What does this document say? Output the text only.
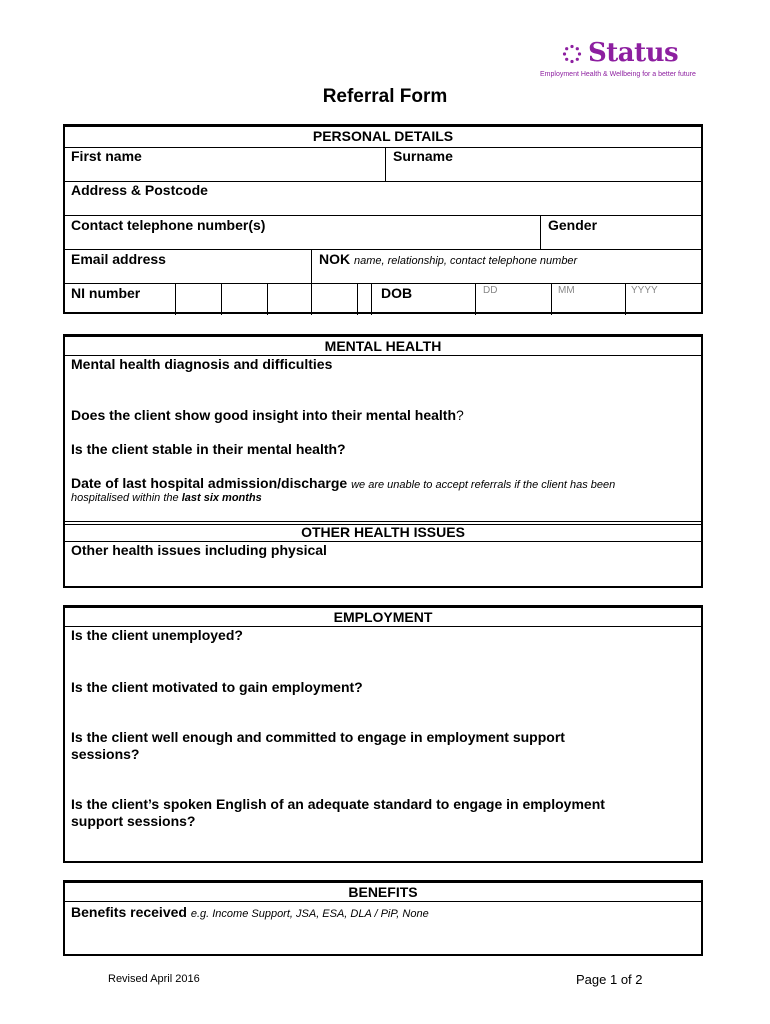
Status
Employment Health & Wellbeing for a better future
Referral Form
PERSONAL DETAILS
First name	Surname
Address & Postcode
Contact telephone number(s)	Gender
Email address	NOK name, relationship, contact telephone number
NI number	DOB	DD	MM	YYYY
MENTAL HEALTH
Mental health diagnosis and difficulties
Does the client show good insight into their mental health?
Is the client stable in their mental health?
Date of last hospital admission/discharge we are unable to accept referrals if the client has been
hospitalised within the last six months
OTHER HEALTH ISSUES
Other health issues including physical
EMPLOYMENT
Is the client unemployed?
Is the client motivated to gain employment?
Is the client well enough and committed to engage in employment support
sessions?
Is the client’s spoken English of an adequate standard to engage in employment
support sessions?
BENEFITS
Benefits received e.g. Income Support, JSA, ESA, DLA / PiP, None
Revised April 2016	Page 1 of 2
